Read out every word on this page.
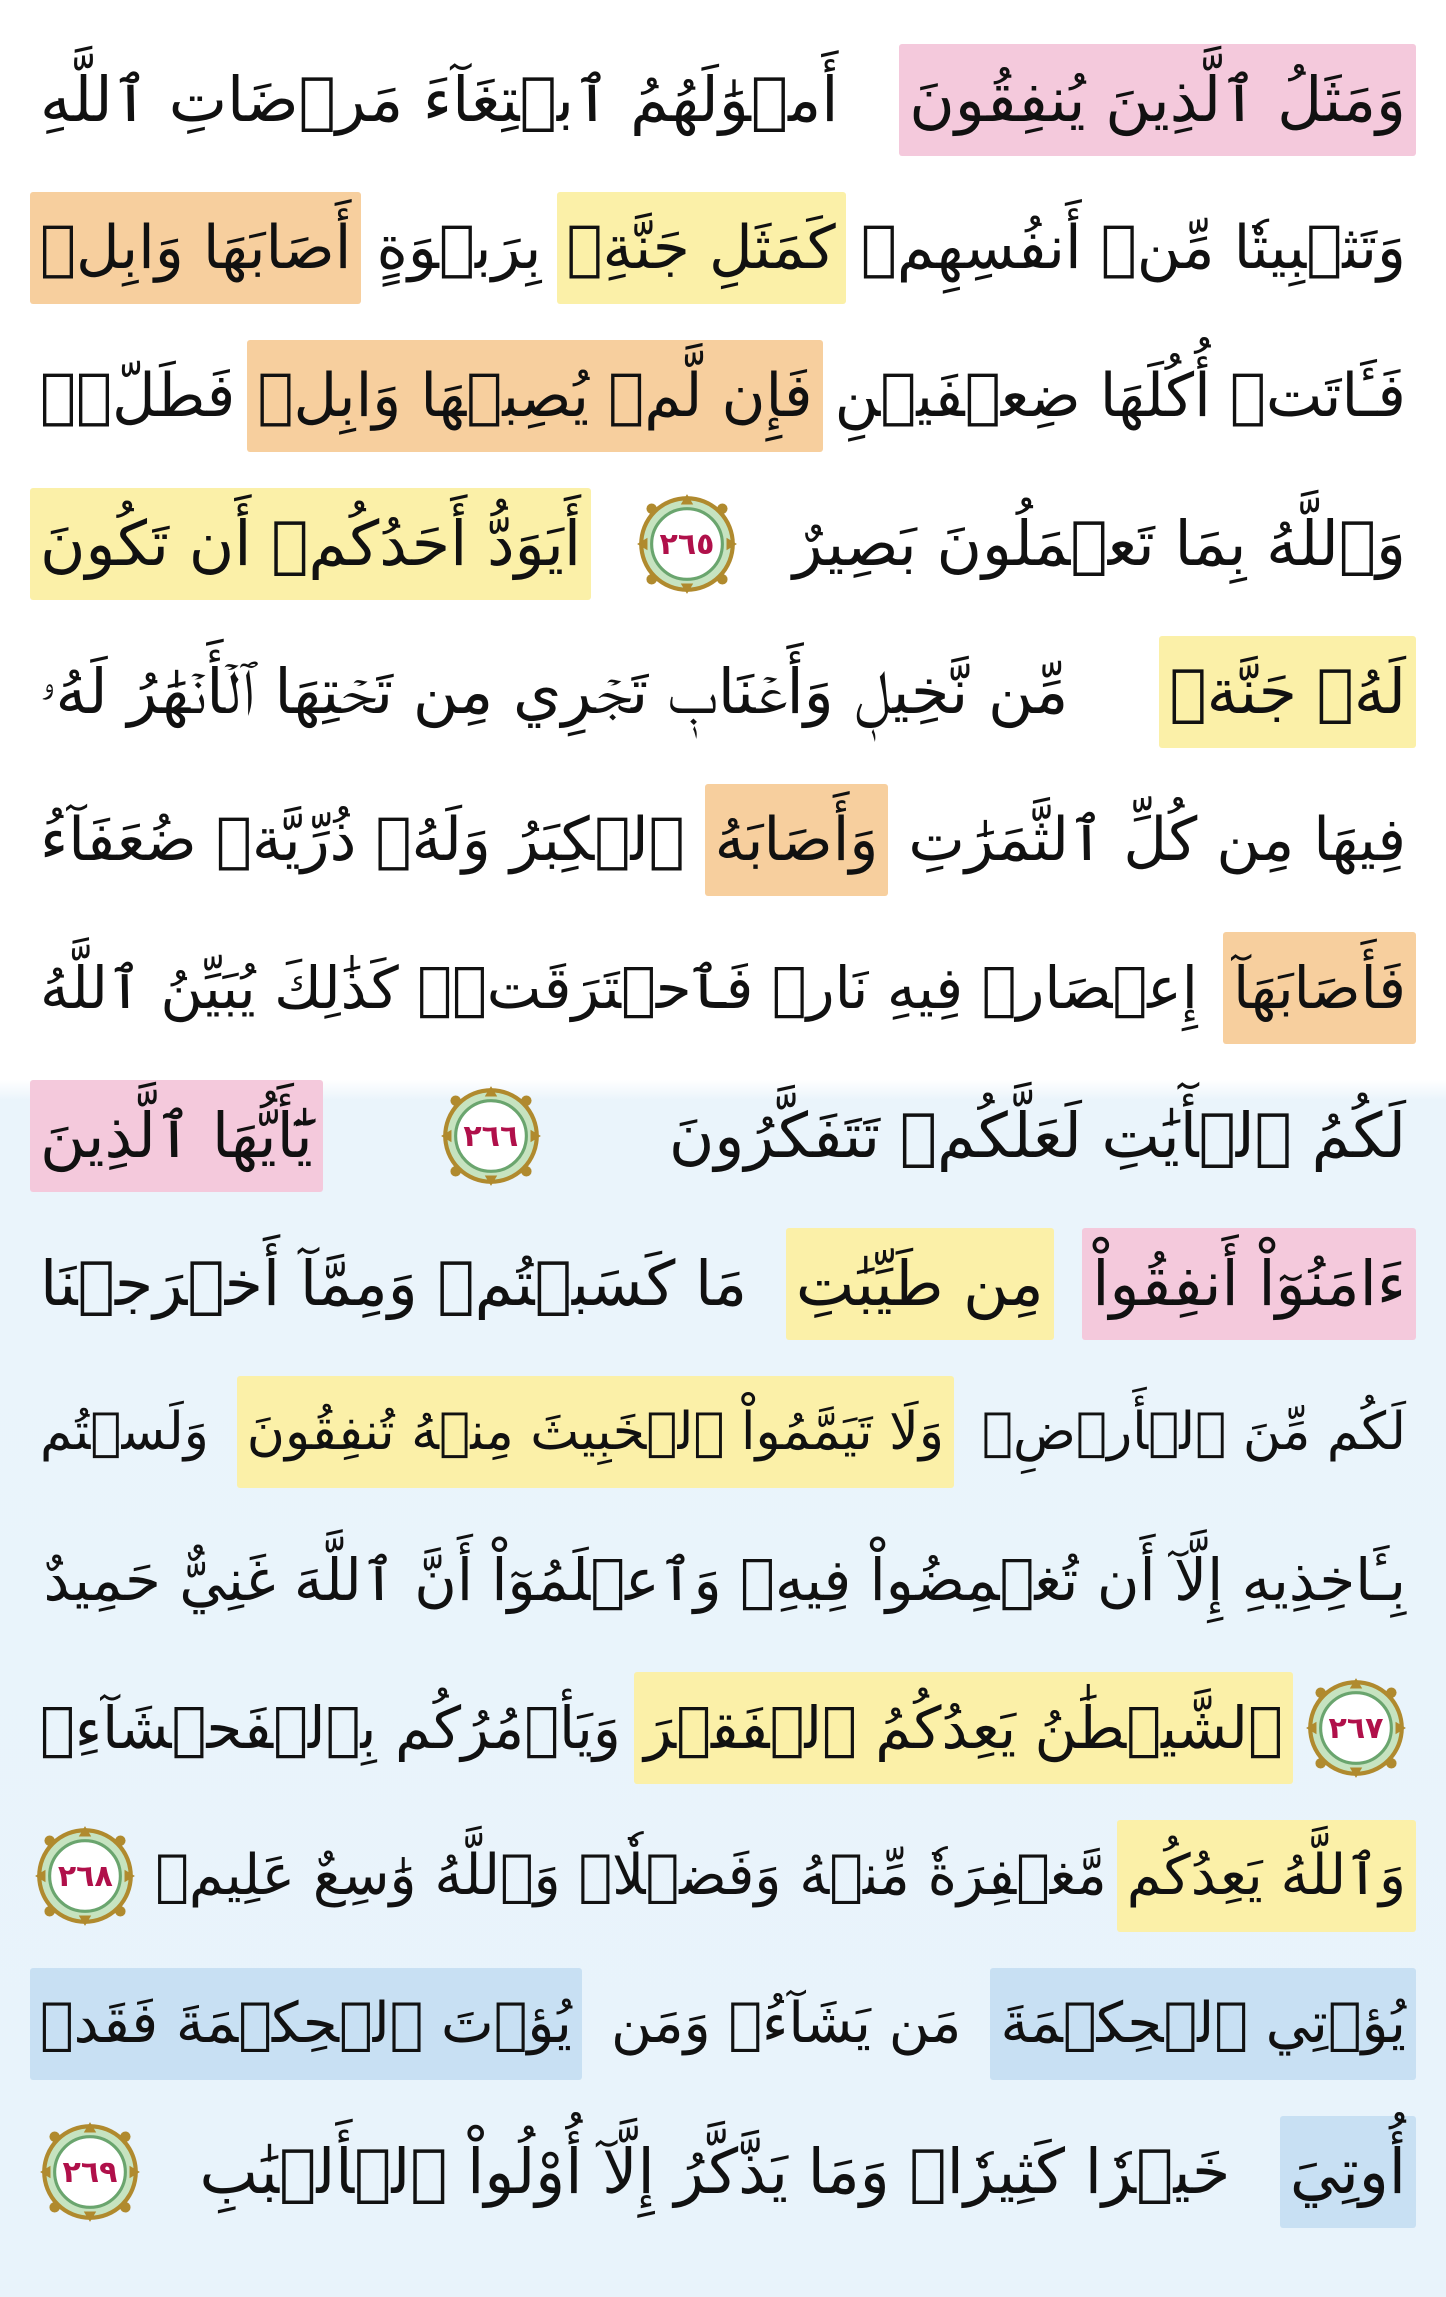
وَمَثَلُ ٱلَّذِينَ يُنفِقُونَ
أَمۡوَٰلَهُمُ ٱبۡتِغَآءَ مَرۡضَاتِ ٱللَّهِ
وَتَثۡبِيتٗا مِّنۡ أَنفُسِهِمۡ
كَمَثَلِ جَنَّةِۭ
بِرَبۡوَةٍ
أَصَابَهَا وَابِلٞ
فَـَٔاتَتۡ أُكُلَهَا ضِعۡفَيۡنِ
فَإِن لَّمۡ يُصِبۡهَا وَابِلٞ
فَطَلّٞۗ
وَٱللَّهُ بِمَا تَعۡمَلُونَ بَصِيرٌ
٢٦٥
أَيَوَدُّ أَحَدُكُمۡ أَن تَكُونَ
لَهُۥ جَنَّةٞ
مِّن نَّخِيلٖ وَأَعۡنَابٖ تَجۡرِي مِن تَحۡتِهَا ٱلۡأَنۡهَٰرُ لَهُۥ
فِيهَا مِن كُلِّ ٱلثَّمَرَٰتِ
وَأَصَابَهُ
ٱلۡكِبَرُ وَلَهُۥ ذُرِّيَّةٞ ضُعَفَآءُ
فَأَصَابَهَآ
إِعۡصَارٞ فِيهِ نَارٞ فَٱحۡتَرَقَتۡۗ كَذَٰلِكَ يُبَيِّنُ ٱللَّهُ
لَكُمُ ٱلۡأٓيَٰتِ لَعَلَّكُمۡ تَتَفَكَّرُونَ
٢٦٦
يَٰٓأَيُّهَا ٱلَّذِينَ
ءَامَنُوٓاْ أَنفِقُواْ
مِن طَيِّبَٰتِ
مَا كَسَبۡتُمۡ وَمِمَّآ أَخۡرَجۡنَا
لَكُم مِّنَ ٱلۡأَرۡضِۖ
وَلَا تَيَمَّمُواْ ٱلۡخَبِيثَ مِنۡهُ تُنفِقُونَ
وَلَسۡتُم
بِـَٔاخِذِيهِ إِلَّآ أَن تُغۡمِضُواْ فِيهِۚ وَٱعۡلَمُوٓاْ أَنَّ ٱللَّهَ غَنِيٌّ حَمِيدٌ
٢٦٧
ٱلشَّيۡطَٰنُ يَعِدُكُمُ ٱلۡفَقۡرَ
وَيَأۡمُرُكُم بِٱلۡفَحۡشَآءِۖ
وَٱللَّهُ يَعِدُكُم
مَّغۡفِرَةٗ مِّنۡهُ وَفَضۡلٗاۗ وَٱللَّهُ وَٰسِعٌ عَلِيمٞ
٢٦٨
يُؤۡتِي ٱلۡحِكۡمَةَ
مَن يَشَآءُۚ وَمَن
يُؤۡتَ ٱلۡحِكۡمَةَ فَقَدۡ
أُوتِيَ
خَيۡرٗا كَثِيرٗاۗ وَمَا يَذَّكَّرُ إِلَّآ أُوْلُواْ ٱلۡأَلۡبَٰبِ
٢٦٩
